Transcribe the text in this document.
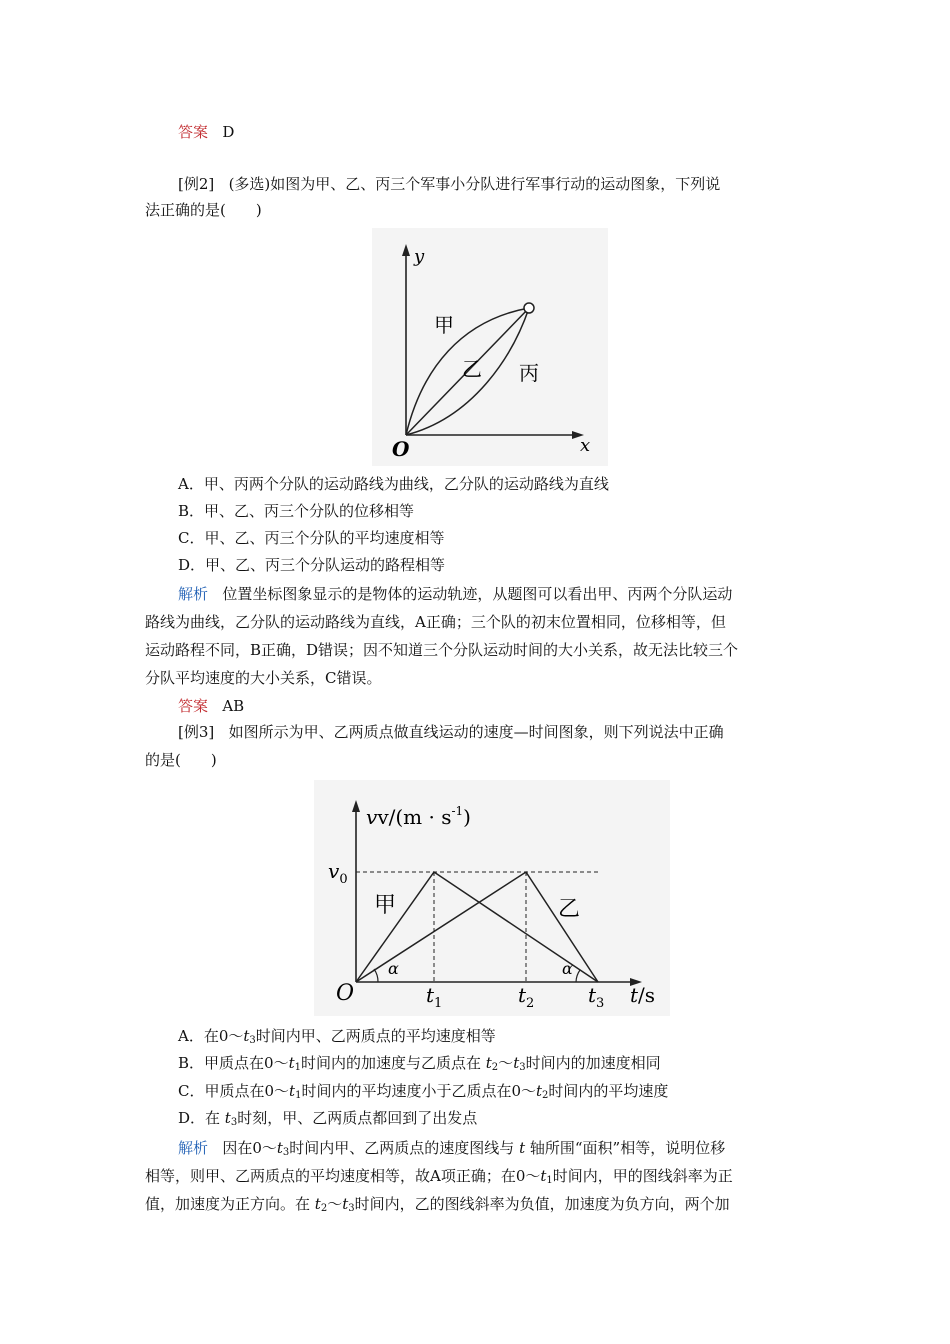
答案 D
[例2] (多选)如图为甲、乙、丙三个军事小分队进行军事行动的运动图象，下列说
法正确的是(　　)
y
x
O
甲
乙 丙
A．甲、丙两个分队的运动路线为曲线，乙分队的运动路线为直线
B．甲、乙、丙三个分队的位移相等
C．甲、乙、丙三个分队的平均速度相等
D．甲、乙、丙三个分队运动的路程相等
解析 位置坐标图象显示的是物体的运动轨迹，从题图可以看出甲、丙两个分队运动
路线为曲线，乙分队的运动路线为直线，A正确；三个队的初末位置相同，位移相等，但
运动路程不同，B正确，D错误；因不知道三个分队运动时间的大小关系，故无法比较三个
分队平均速度的大小关系，C错误。
答案 AB
[例3] 如图所示为甲、乙两质点做直线运动的速度—时间图象，则下列说法中正确
的是(　　)
$vv/(m \cdot s^{-1})$
$v_0$
O	$t_1$	$t_2$	$t_3$ t/s
甲	乙
α	α
A．在$0\sim t_3$时间内甲、乙两质点的平均速度相等
B．甲质点在$0\sim t_1$时间内的加速度与乙质点在 $t_2\sim t_3$时间内的加速度相同
C．甲质点在$0\sim t_1$时间内的平均速度小于乙质点在$0\sim t_2$时间内的平均速度
D．在 $t_3$时刻，甲、乙两质点都回到了出发点
解析 因在$0\sim t_3$时间内甲、乙两质点的速度图线与 t 轴所围“面积”相等，说明位移
相等，则甲、乙两质点的平均速度相等，故A项正确；在$0\sim t_1$时间内，甲的图线斜率为正
值，加速度为正方向。在 $t_2\sim t_3$时间内，乙的图线斜率为负值，加速度为负方向，两个加
